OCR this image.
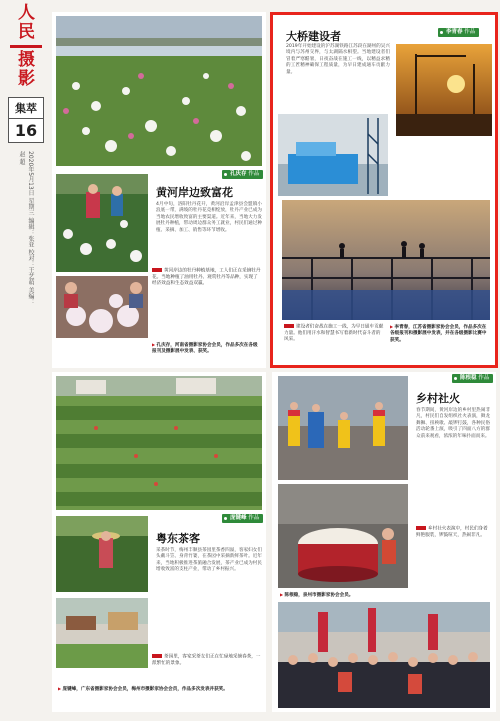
人
民
摄
影
集萃
16
2020年5月13日 星期三 编辑：张亚 校对：王艺萌 美编：赵 超
孔庆存 作品
黄河岸边的牡丹种植基地，工人们正在采摘牡丹花。当地种植了油用牡丹、观赏牡丹等品种，实现了经济效益和生态效益双赢。
黄河岸边致富花
4月中旬，洛阳牡丹花开，黄河沿岸孟津县会盟镇小浪底一带，满坡的牡丹花竞相绽放，牡丹产业已成为当地农民增收致富的主要渠道。近年来，当地大力发展牡丹种植，带动周边群众务工就业，村民们通过种植、采摘、加工、销售等环节增收。
▶ 孔庆存，河南省摄影家协会会员，作品多次在各级报刊及摄影展中发表、获奖。
大桥建设者	李青春 作品
2019年开始建设的沪苏湖铁路江苏段在湖州的吴兴境内与苏州交界，与太湖隔水相望。当地建设者们冒着严寒酷暑，日夜奋战在施工一线，以精益求精的工匠精神确保工程质量，为早日建成通车贡献力量。
建设者们奋战在施工一线，为早日通车贡献力量。他们用汗水和智慧书写着新时代奋斗者的风采。
▶ 李青春，江苏省摄影家协会会员，作品多次在各级报刊和摄影展中发表，并在各级摄影比赛中获奖。
庞键峰 作品
粤东茶客
采茶时节，梅州丰顺县茶园里茶香四溢，客家妇女们头戴斗笠、身背竹篓，在茶园中采摘新鲜茶叶。近年来，当地积极推进茶旅融合发展，茶产业已成为村民增收致富的支柱产业，带动了乡村振兴。
茶园里，客家采茶女们正在忙碌地采摘春茶，一派繁忙的景象。
▶ 庞键峰，广东省摄影家协会会员，梅州市摄影家协会会员，作品多次发表并获奖。
陈根稳 作品
乡村社火
春节期间，黄河岸边的乡村里热闹非凡，村民们自发组织社火表演，舞龙舞狮、扭秧歌、敲锣打鼓，各种民俗活动轮番上演，吸引了四面八方的群众前来观看，浓浓的年味扑面而来。
乡村社火表演中，村民们身着鲜艳服装，锣鼓喧天，热闹非凡。
▶ 陈根稳，泉州市摄影家协会会员。
